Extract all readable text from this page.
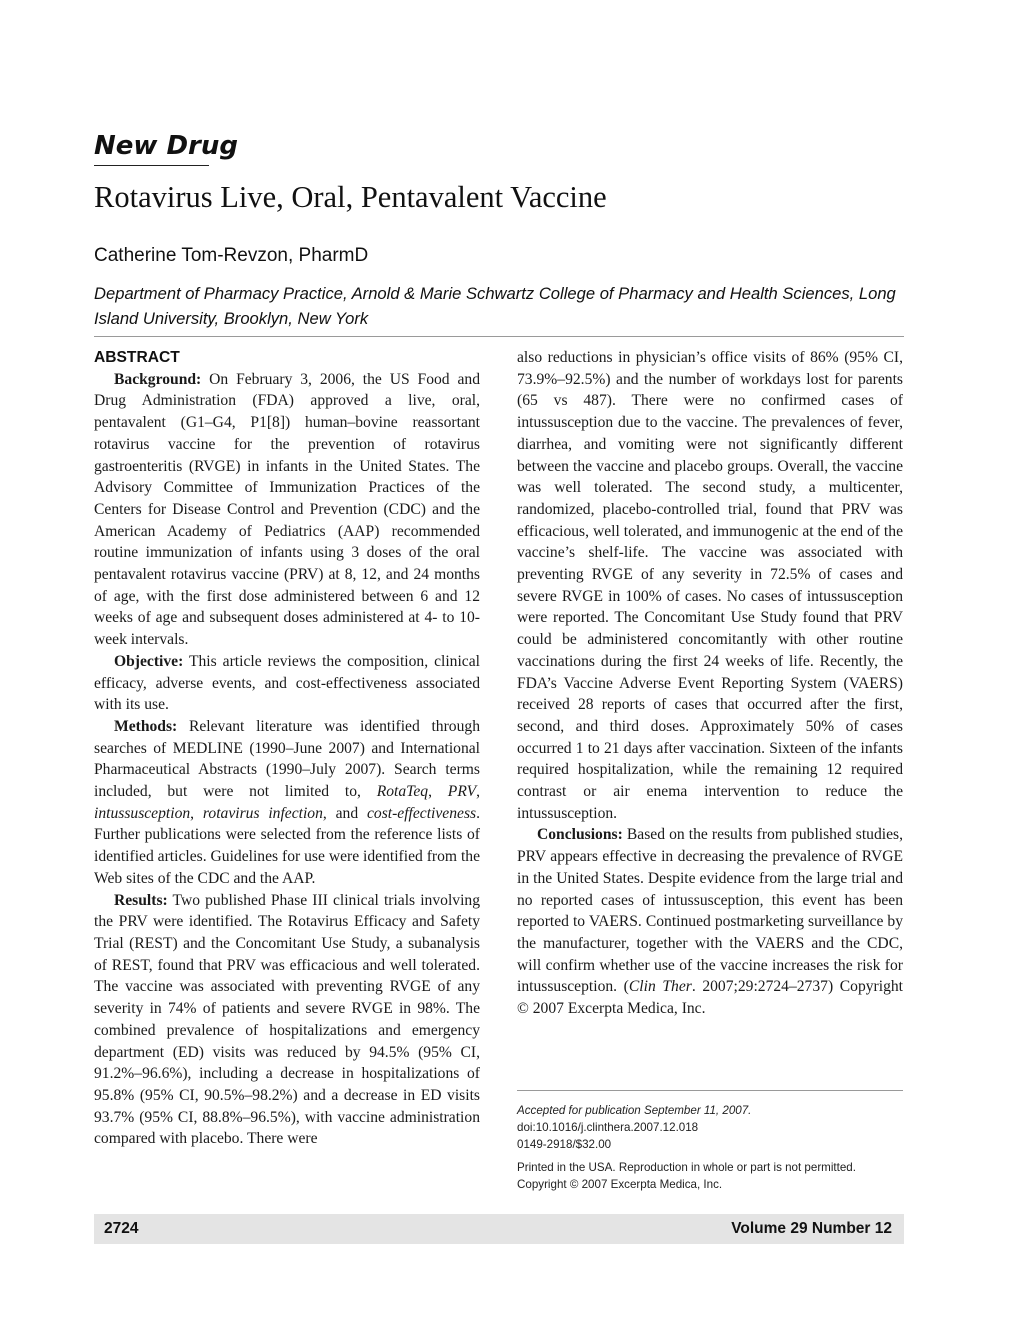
New Drug
Rotavirus Live, Oral, Pentavalent Vaccine
Catherine Tom-Revzon, PharmD
Department of Pharmacy Practice, Arnold & Marie Schwartz College of Pharmacy and Health Sciences, Long Island University, Brooklyn, New York
ABSTRACT

Background: On February 3, 2006, the US Food and Drug Administration (FDA) approved a live, oral, pentavalent (G1–G4, P1[8]) human–bovine reassortant rotavirus vaccine for the prevention of rotavirus gastroenteritis (RVGE) in infants in the United States. The Advisory Committee of Immunization Practices of the Centers for Disease Control and Prevention (CDC) and the American Academy of Pediatrics (AAP) recommended routine immunization of infants using 3 doses of the oral pentavalent rotavirus vaccine (PRV) at 8, 12, and 24 months of age, with the first dose administered between 6 and 12 weeks of age and subsequent doses administered at 4- to 10-week intervals.

Objective: This article reviews the composition, clinical efficacy, adverse events, and cost-effectiveness associated with its use.

Methods: Relevant literature was identified through searches of MEDLINE (1990–June 2007) and International Pharmaceutical Abstracts (1990–July 2007). Search terms included, but were not limited to, RotaTeq, PRV, intussusception, rotavirus infection, and cost-effectiveness. Further publications were selected from the reference lists of identified articles. Guidelines for use were identified from the Web sites of the CDC and the AAP.

Results: Two published Phase III clinical trials involving the PRV were identified. The Rotavirus Efficacy and Safety Trial (REST) and the Concomitant Use Study, a subanalysis of REST, found that PRV was efficacious and well tolerated. The vaccine was associated with preventing RVGE of any severity in 74% of patients and severe RVGE in 98%. The combined prevalence of hospitalizations and emergency department (ED) visits was reduced by 94.5% (95% CI, 91.2%–96.6%), including a decrease in hospitalizations of 95.8% (95% CI, 90.5%–98.2%) and a decrease in ED visits 93.7% (95% CI, 88.8%–96.5%), with vaccine administration compared with placebo. There were

also reductions in physician’s office visits of 86% (95% CI, 73.9%–92.5%) and the number of workdays lost for parents (65 vs 487). There were no confirmed cases of intussusception due to the vaccine. The prevalences of fever, diarrhea, and vomiting were not significantly different between the vaccine and placebo groups. Overall, the vaccine was well tolerated. The second study, a multicenter, randomized, placebo-controlled trial, found that PRV was efficacious, well tolerated, and immunogenic at the end of the vaccine’s shelf-life. The vaccine was associated with preventing RVGE of any severity in 72.5% of cases and severe RVGE in 100% of cases. No cases of intussusception were reported. The Concomitant Use Study found that PRV could be administered concomitantly with other routine vaccinations during the first 24 weeks of life. Recently, the FDA’s Vaccine Adverse Event Reporting System (VAERS) received 28 reports of cases that occurred after the first, second, and third doses. Approximately 50% of cases occurred 1 to 21 days after vaccination. Sixteen of the infants required hospitalization, while the remaining 12 required contrast or air enema intervention to reduce the intussusception.

Conclusions: Based on the results from published studies, PRV appears effective in decreasing the prevalence of RVGE in the United States. Despite evidence from the large trial and no reported cases of intussusception, this event has been reported to VAERS. Continued postmarketing surveillance by the manufacturer, together with the VAERS and the CDC, will confirm whether use of the vaccine increases the risk for intussusception. (Clin Ther. 2007;29:2724–2737) Copyright © 2007 Excerpta Medica, Inc.

Accepted for publication September 11, 2007.
doi:10.1016/j.clinthera.2007.12.018
0149-2918/$32.00
Printed in the USA. Reproduction in whole or part is not permitted.
Copyright © 2007 Excerpta Medica, Inc.
2724	Volume 29 Number 12
